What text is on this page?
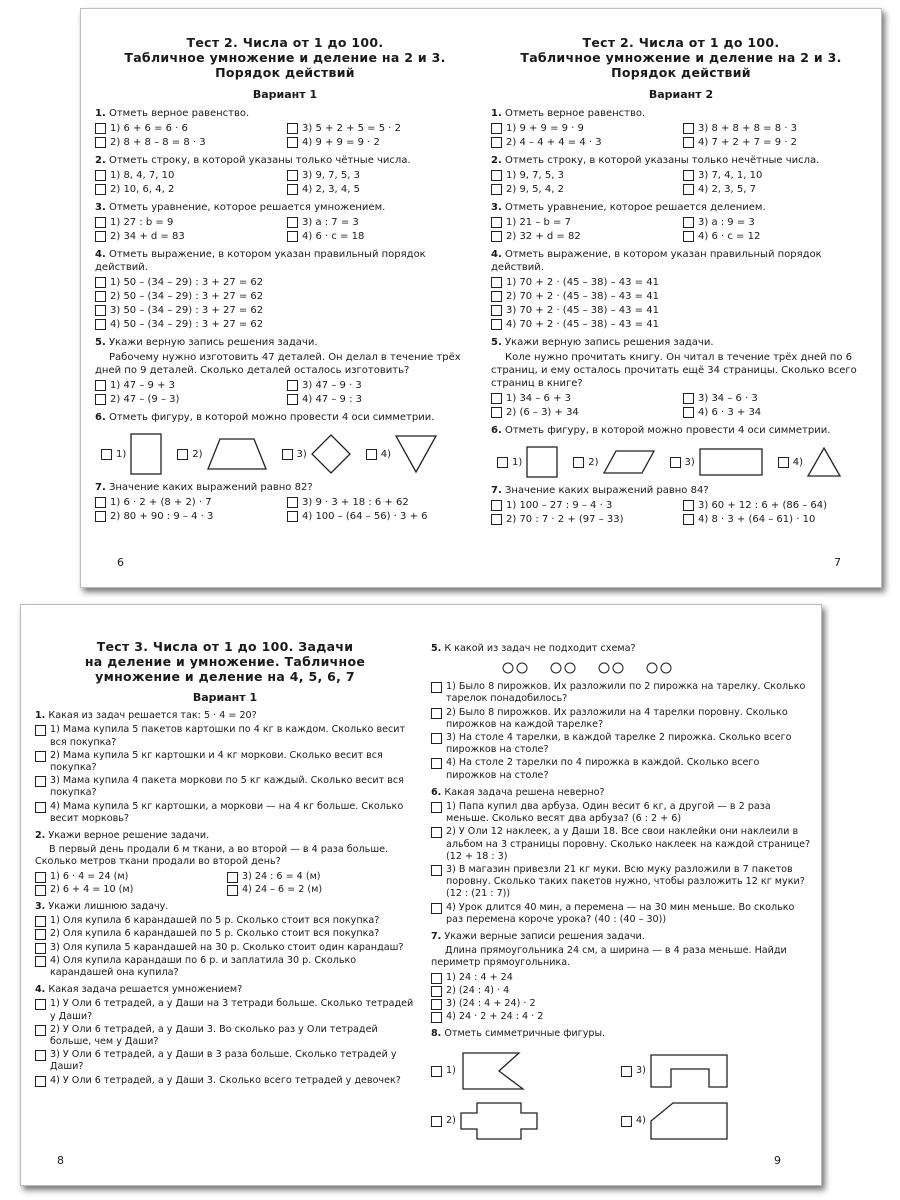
Тест 2. Числа от 1 до 100.
Табличное умножение и деление на 2 и 3.
Порядок действий
Вариант 1
1. Отметь верное равенство.
1) 6 + 6 = 6 · 6	3) 5 + 2 + 5 = 5 · 2
2) 8 + 8 – 8 = 8 · 3	4) 9 + 9 = 9 · 2
2. Отметь строку, в которой указаны только чётные числа.
1) 8, 4, 7, 10	3) 9, 7, 5, 3
2) 10, 6, 4, 2	4) 2, 3, 4, 5
3. Отметь уравнение, которое решается умножением.
1) 27 : b = 9	3) a : 7 = 3
2) 34 + d = 83	4) 6 · c = 18
4. Отметь выражение, в котором указан правильный порядок действий.
1) 50 – (34 – 29) : 3 + 27 = 62
2) 50 – (34 – 29) : 3 + 27 = 62
3) 50 – (34 – 29) : 3 + 27 = 62
4) 50 – (34 – 29) : 3 + 27 = 62
5. Укажи верную запись решения задачи.
Рабочему нужно изготовить 47 деталей. Он делал в течение трёх дней по 9 деталей. Сколько деталей осталось изготовить?
1) 47 – 9 + 3	3) 47 – 9 · 3
2) 47 – (9 – 3)	4) 47 – 9 : 3
6. Отметь фигуру, в которой можно провести 4 оси симметрии.
1)	2)	3)	4)
7. Значение каких выражений равно 82?
1) 6 · 2 + (8 + 2) · 7	3) 9 · 3 + 18 : 6 + 62
2) 80 + 90 : 9 – 4 · 3	4) 100 – (64 – 56) · 3 + 6
6
Тест 2. Числа от 1 до 100.
Табличное умножение и деление на 2 и 3.
Порядок действий
Вариант 2
1. Отметь верное равенство.
1) 9 + 9 = 9 · 9	3) 8 + 8 + 8 = 8 · 3
2) 4 – 4 + 4 = 4 · 3	4) 7 + 2 + 7 = 9 · 2
2. Отметь строку, в которой указаны только нечётные числа.
1) 9, 7, 5, 3	3) 7, 4, 1, 10
2) 9, 5, 4, 2	4) 2, 3, 5, 7
3. Отметь уравнение, которое решается делением.
1) 21 – b = 7	3) a : 9 = 3
2) 32 + d = 82	4) 6 · c = 12
4. Отметь выражение, в котором указан правильный порядок действий.
1) 70 + 2 · (45 – 38) – 43 = 41
2) 70 + 2 · (45 – 38) – 43 = 41
3) 70 + 2 · (45 – 38) – 43 = 41
4) 70 + 2 · (45 – 38) – 43 = 41
5. Укажи верную запись решения задачи.
Коле нужно прочитать книгу. Он читал в течение трёх дней по 6 страниц, и ему осталось прочитать ещё 34 страницы. Сколько всего страниц в книге?
1) 34 – 6 + 3	3) 34 – 6 · 3
2) (6 – 3) + 34	4) 6 · 3 + 34
6. Отметь фигуру, в которой можно провести 4 оси симметрии.
1)	2)	3)	4)
7. Значение каких выражений равно 84?
1) 100 – 27 : 9 – 4 · 3	3) 60 + 12 : 6 + (86 – 64)
2) 70 : 7 · 2 + (97 – 33)	4) 8 · 3 + (64 – 61) · 10
7
Тест 3. Числа от 1 до 100. Задачи
на деление и умножение. Табличное
умножение и деление на 4, 5, 6, 7
Вариант 1
1. Какая из задач решается так: 5 · 4 = 20?
1) Мама купила 5 пакетов картошки по 4 кг в каждом. Сколько весит вся покупка?
2) Мама купила 5 кг картошки и 4 кг моркови. Сколько весит вся покупка?
3) Мама купила 4 пакета моркови по 5 кг каждый. Сколько весит вся покупка?
4) Мама купила 5 кг картошки, а моркови — на 4 кг больше. Сколько весит морковь?
2. Укажи верное решение задачи.
В первый день продали 6 м ткани, а во второй — в 4 раза больше. Сколько метров ткани продали во второй день?
1) 6 · 4 = 24 (м)	3) 24 : 6 = 4 (м)
2) 6 + 4 = 10 (м)	4) 24 – 6 = 2 (м)
3. Укажи лишнюю задачу.
1) Оля купила 6 карандашей по 5 р. Сколько стоит вся покупка?
2) Оля купила 6 карандашей по 5 р. Сколько стоит вся покупка?
3) Оля купила 5 карандашей на 30 р. Сколько стоит один карандаш?
4) Оля купила карандаши по 6 р. и заплатила 30 р. Сколько карандашей она купила?
4. Какая задача решается умножением?
1) У Оли 6 тетрадей, а у Даши на 3 тетради больше. Сколько тетрадей у Даши?
2) У Оли 6 тетрадей, а у Даши 3. Во сколько раз у Оли тетрадей больше, чем у Даши?
3) У Оли 6 тетрадей, а у Даши в 3 раза больше. Сколько тетрадей у Даши?
4) У Оли 6 тетрадей, а у Даши 3. Сколько всего тетрадей у девочек?
8
5. К какой из задач не подходит схема?
1) Было 8 пирожков. Их разложили по 2 пирожка на тарелку. Сколько тарелок понадобилось?
2) Было 8 пирожков. Их разложили на 4 тарелки поровну. Сколько пирожков на каждой тарелке?
3) На столе 4 тарелки, в каждой тарелке 2 пирожка. Сколько всего пирожков на столе?
4) На столе 2 тарелки по 4 пирожка в каждой. Сколько всего пирожков на столе?
6. Какая задача решена неверно?
1) Папа купил два арбуза. Один весит 6 кг, а другой — в 2 раза меньше. Сколько весят два арбуза? (6 : 2 + 6)
2) У Оли 12 наклеек, а у Даши 18. Все свои наклейки они наклеили в альбом на 3 страницы поровну. Сколько наклеек на каждой странице? (12 + 18 : 3)
3) В магазин привезли 21 кг муки. Всю муку разложили в 7 пакетов поровну. Сколько таких пакетов нужно, чтобы разложить 12 кг муки? (12 : (21 : 7))
4) Урок длится 40 мин, а перемена — на 30 мин меньше. Во сколько раз перемена короче урока? (40 : (40 – 30))
7. Укажи верные записи решения задачи.
Длина прямоугольника 24 см, а ширина — в 4 раза меньше. Найди периметр прямоугольника.
1) 24 : 4 + 24
2) (24 : 4) · 4
3) (24 : 4 + 24) · 2
4) 24 · 2 + 24 : 4 · 2
8. Отметь симметричные фигуры.
1)	3)
2)	4)
9
